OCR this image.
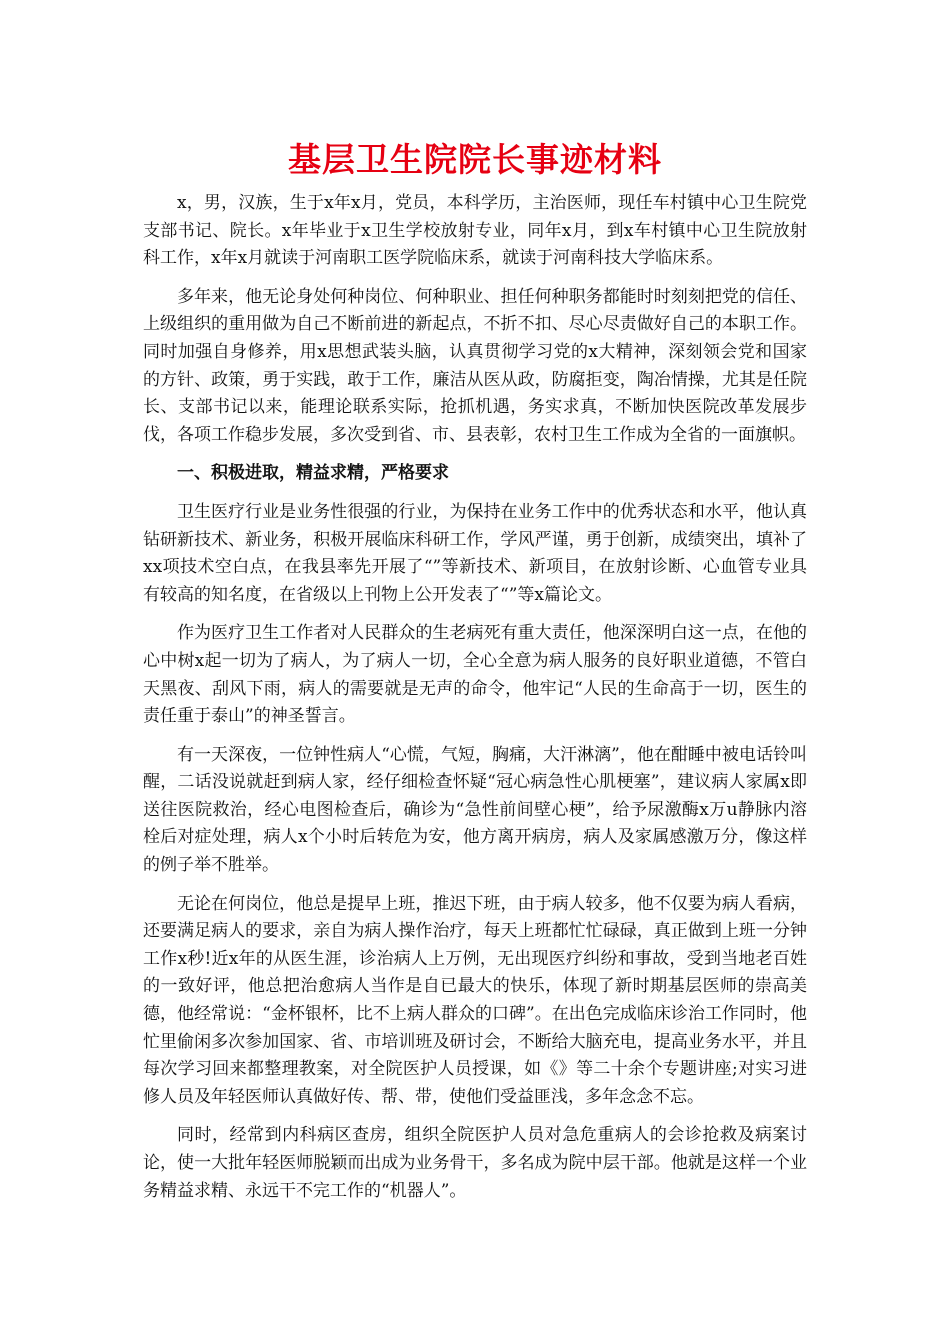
基层卫生院院长事迹材料

x，男，汉族，生于x年x月，党员，本科学历，主治医师，现任车村镇中心卫生院党支部书记、院长。x年毕业于x卫生学校放射专业，同年x月，到x车村镇中心卫生院放射科工作，x年x月就读于河南职工医学院临床系，就读于河南科技大学临床系。

多年来，他无论身处何种岗位、何种职业、担任何种职务都能时时刻刻把党的信任、上级组织的重用做为自己不断前进的新起点，不折不扣、尽心尽责做好自己的本职工作。同时加强自身修养，用x思想武装头脑，认真贯彻学习党的x大精神，深刻领会党和国家的方针、政策，勇于实践，敢于工作，廉洁从医从政，防腐拒变，陶冶情操，尤其是任院长、支部书记以来，能理论联系实际，抢抓机遇，务实求真，不断加快医院改革发展步伐，各项工作稳步发展，多次受到省、市、县表彰，农村卫生工作成为全省的一面旗帜。

一、积极进取，精益求精，严格要求

卫生医疗行业是业务性很强的行业，为保持在业务工作中的优秀状态和水平，他认真钻研新技术、新业务，积极开展临床科研工作，学风严谨，勇于创新，成绩突出，填补了xx项技术空白点，在我县率先开展了“”等新技术、新项目，在放射诊断、心血管专业具有较高的知名度，在省级以上刊物上公开发表了“”等x篇论文。

作为医疗卫生工作者对人民群众的生老病死有重大责任，他深深明白这一点，在他的心中树x起一切为了病人，为了病人一切，全心全意为病人服务的良好职业道德，不管白天黑夜、刮风下雨，病人的需要就是无声的命令，他牢记“人民的生命高于一切，医生的责任重于泰山”的神圣誓言。

有一天深夜，一位钟性病人“心慌，气短，胸痛，大汗淋漓”，他在酣睡中被电话铃叫醒，二话没说就赶到病人家，经仔细检查怀疑“冠心病急性心肌梗塞”，建议病人家属x即送往医院救治，经心电图检查后，确诊为“急性前间壁心梗”，给予尿激酶x万u静脉内溶栓后对症处理，病人x个小时后转危为安，他方离开病房，病人及家属感激万分，像这样的例子举不胜举。

无论在何岗位，他总是提早上班，推迟下班，由于病人较多，他不仅要为病人看病，还要满足病人的要求，亲自为病人操作治疗，每天上班都忙忙碌碌，真正做到上班一分钟工作x秒!近x年的从医生涯，诊治病人上万例，无出现医疗纠纷和事故，受到当地老百姓的一致好评，他总把治愈病人当作是自已最大的快乐，体现了新时期基层医师的崇高美德，他经常说：“金杯银杯，比不上病人群众的口碑”。在出色完成临床诊治工作同时，他忙里偷闲多次参加国家、省、市培训班及研讨会，不断给大脑充电，提高业务水平，并且每次学习回来都整理教案，对全院医护人员授课，如《》等二十余个专题讲座;对实习进修人员及年轻医师认真做好传、帮、带，使他们受益匪浅，多年念念不忘。

同时，经常到内科病区查房，组织全院医护人员对急危重病人的会诊抢救及病案讨论，使一大批年轻医师脱颖而出成为业务骨干，多名成为院中层干部。他就是这样一个业务精益求精、永远干不完工作的“机器人”。
